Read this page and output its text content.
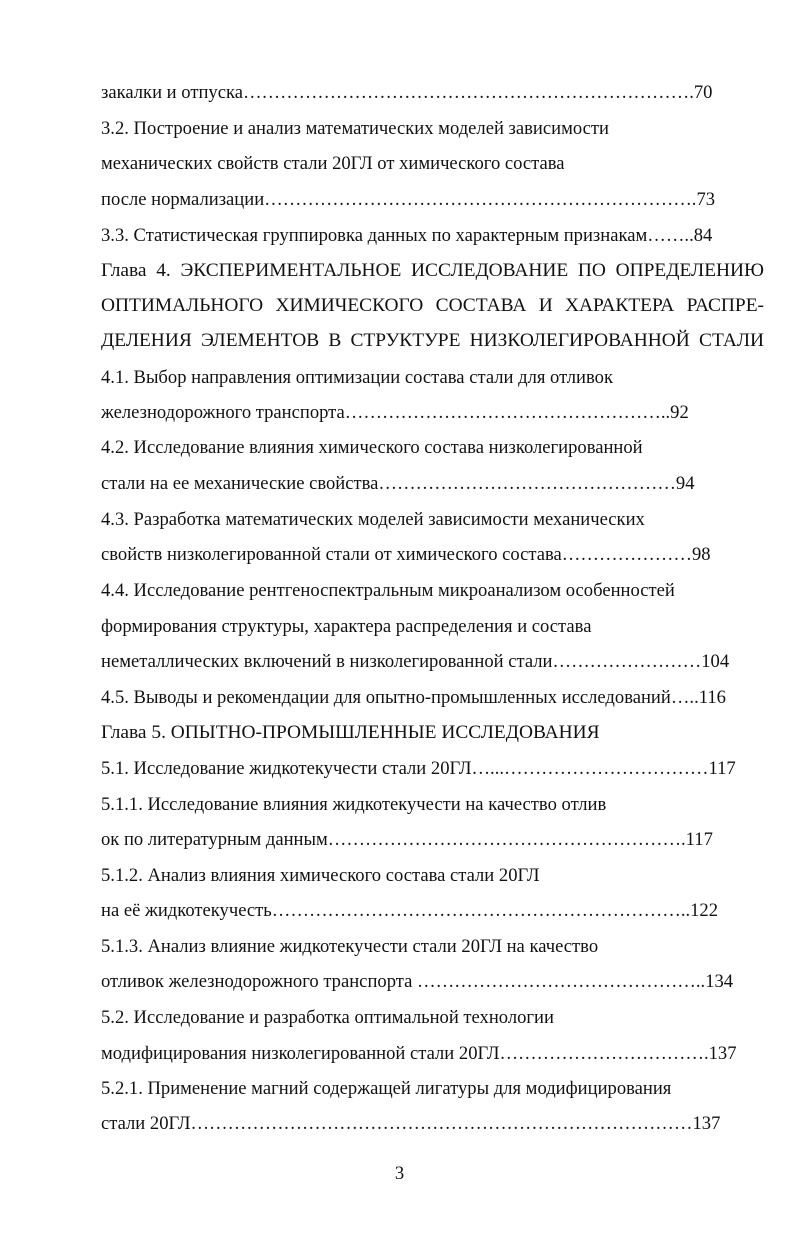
закалки и отпуска……………………………………………………………….70
3.2. Построение и анализ математических моделей зависимости
механических свойств стали 20ГЛ от химического состава
после нормализации…………………………………………………………….73
3.3. Статистическая группировка данных по характерным признакам……..84
Глава 4. ЭКСПЕРИМЕНТАЛЬНОЕ ИССЛЕДОВАНИЕ ПО ОПРЕДЕЛЕНИЮ
ОПТИМАЛЬНОГО ХИМИЧЕСКОГО СОСТАВА И ХАРАКТЕРА РАСПРЕ-
ДЕЛЕНИЯ ЭЛЕМЕНТОВ В СТРУКТУРЕ НИЗКОЛЕГИРОВАННОЙ СТАЛИ
4.1. Выбор направления оптимизации состава стали для отливок
железнодорожного транспорта……………………………………………..92
4.2. Исследование влияния химического состава низколегированной
стали на ее механические свойства…………………………………………94
4.3. Разработка математических моделей зависимости механических
свойств низколегированной стали от химического состава…………………98
4.4. Исследование рентгеноспектральным микроанализом особенностей
формирования структуры, характера распределения и состава
неметаллических включений в низколегированной стали……………………104
4.5. Выводы и рекомендации для опытно-промышленных исследований…..116
Глава 5. ОПЫТНО-ПРОМЫШЛЕННЫЕ ИССЛЕДОВАНИЯ
5.1. Исследование жидкотекучести стали 20ГЛ…...……………………………117
5.1.1. Исследование влияния жидкотекучести на качество отлив
ок по литературным данным………………………………………………….117
5.1.2. Анализ влияния химического состава стали 20ГЛ
на её жидкотекучесть…………………………………………………………..122
5.1.3. Анализ влияние жидкотекучести стали 20ГЛ на качество
отливок железнодорожного транспорта ………………………………………..134
5.2. Исследование и разработка оптимальной технологии
модифицирования низколегированной стали 20ГЛ…………………………….137
5.2.1. Применение магний содержащей лигатуры для модифицирования
стали 20ГЛ………………………………………………………………………137
3
